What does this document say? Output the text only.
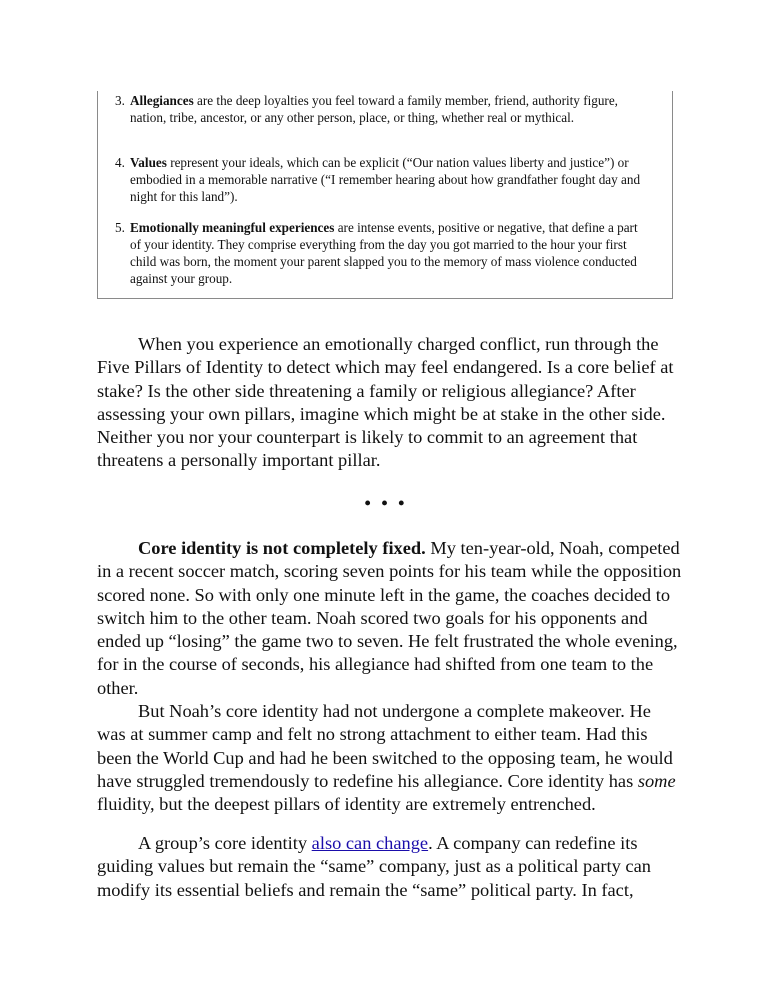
3. Allegiances are the deep loyalties you feel toward a family member, friend, authority figure, nation, tribe, ancestor, or any other person, place, or thing, whether real or mythical.
4. Values represent your ideals, which can be explicit (“Our nation values liberty and justice”) or embodied in a memorable narrative (“I remember hearing about how grandfather fought day and night for this land”).
5. Emotionally meaningful experiences are intense events, positive or negative, that define a part of your identity. They comprise everything from the day you got married to the hour your first child was born, the moment your parent slapped you to the memory of mass violence conducted against your group.

When you experience an emotionally charged conflict, run through the Five Pillars of Identity to detect which may feel endangered. Is a core belief at stake? Is the other side threatening a family or religious allegiance? After assessing your own pillars, imagine which might be at stake in the other side. Neither you nor your counterpart is likely to commit to an agreement that threatens a personally important pillar.

• • •

Core identity is not completely fixed. My ten-year-old, Noah, competed in a recent soccer match, scoring seven points for his team while the opposition scored none. So with only one minute left in the game, the coaches decided to switch him to the other team. Noah scored two goals for his opponents and ended up “losing” the game two to seven. He felt frustrated the whole evening, for in the course of seconds, his allegiance had shifted from one team to the other.

But Noah’s core identity had not undergone a complete makeover. He was at summer camp and felt no strong attachment to either team. Had this been the World Cup and had he been switched to the opposing team, he would have struggled tremendously to redefine his allegiance. Core identity has some fluidity, but the deepest pillars of identity are extremely entrenched.

A group’s core identity also can change. A company can redefine its guiding values but remain the “same” company, just as a political party can modify its essential beliefs and remain the “same” political party. In fact,
